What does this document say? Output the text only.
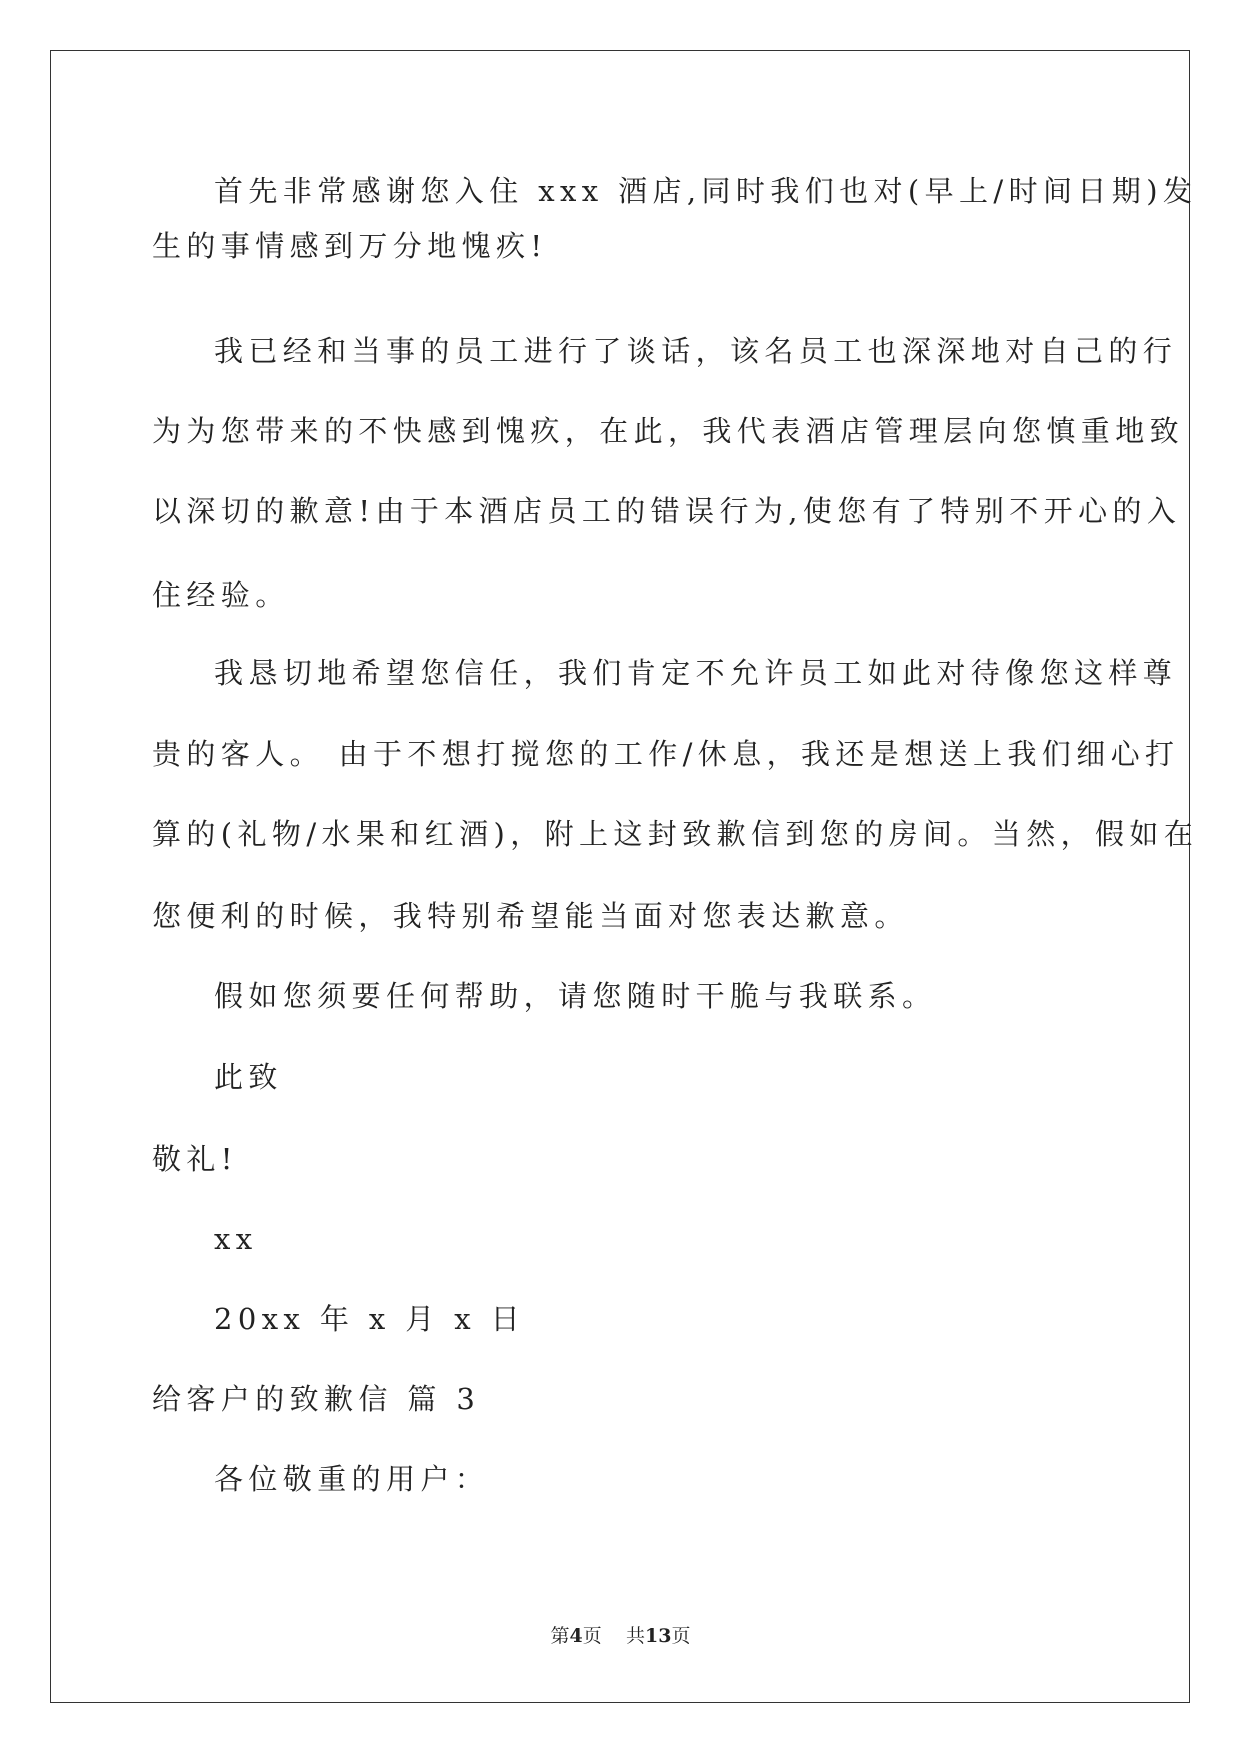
首先非常感谢您入住 xxx 酒店,同时我们也对(早上/时间日期)发
生的事情感到万分地愧疚!
我已经和当事的员工进行了谈话，该名员工也深深地对自己的行
为为您带来的不快感到愧疚，在此，我代表酒店管理层向您慎重地致
以深切的歉意!由于本酒店员工的错误行为,使您有了特别不开心的入
住经验。
我恳切地希望您信任，我们肯定不允许员工如此对待像您这样尊
贵的客人。 由于不想打搅您的工作/休息，我还是想送上我们细心打
算的(礼物/水果和红酒)，附上这封致歉信到您的房间。当然，假如在
您便利的时候，我特别希望能当面对您表达歉意。
假如您须要任何帮助，请您随时干脆与我联系。
此致
敬礼!
xx
20xx 年 x 月 x 日
给客户的致歉信 篇 3
各位敬重的用户：
第4页 共13页
